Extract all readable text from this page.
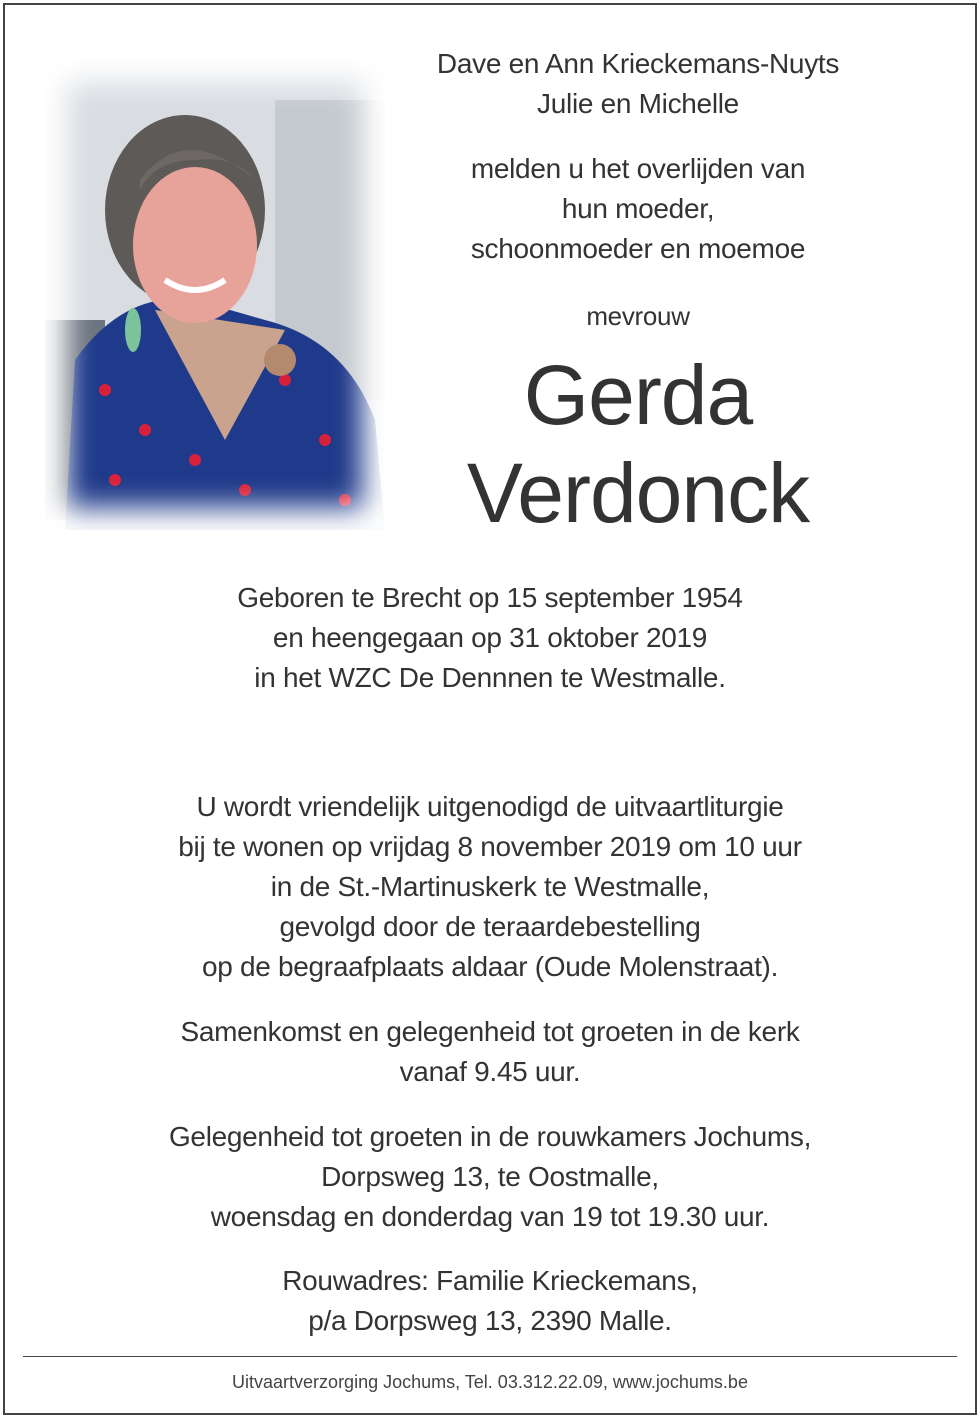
Dave en Ann Krieckemans-Nuyts
Julie en Michelle
melden u het overlijden van
hun moeder,
schoonmoeder en moemoe
mevrouw
Gerda
Verdonck
Geboren te Brecht op 15 september 1954
en heengegaan op 31 oktober 2019
in het WZC De Dennnen te Westmalle.
U wordt vriendelijk uitgenodigd de uitvaartliturgie
bij te wonen op vrijdag 8 november 2019 om 10 uur
in de St.-Martinuskerk te Westmalle,
gevolgd door de teraardebestelling
op de begraafplaats aldaar (Oude Molenstraat).
Samenkomst en gelegenheid tot groeten in de kerk
vanaf 9.45 uur.
Gelegenheid tot groeten in de rouwkamers Jochums,
Dorpsweg 13, te Oostmalle,
woensdag en donderdag van 19 tot 19.30 uur.
Rouwadres: Familie Krieckemans,
p/a Dorpsweg 13, 2390 Malle.
Uitvaartverzorging Jochums, Tel. 03.312.22.09, www.jochums.be
